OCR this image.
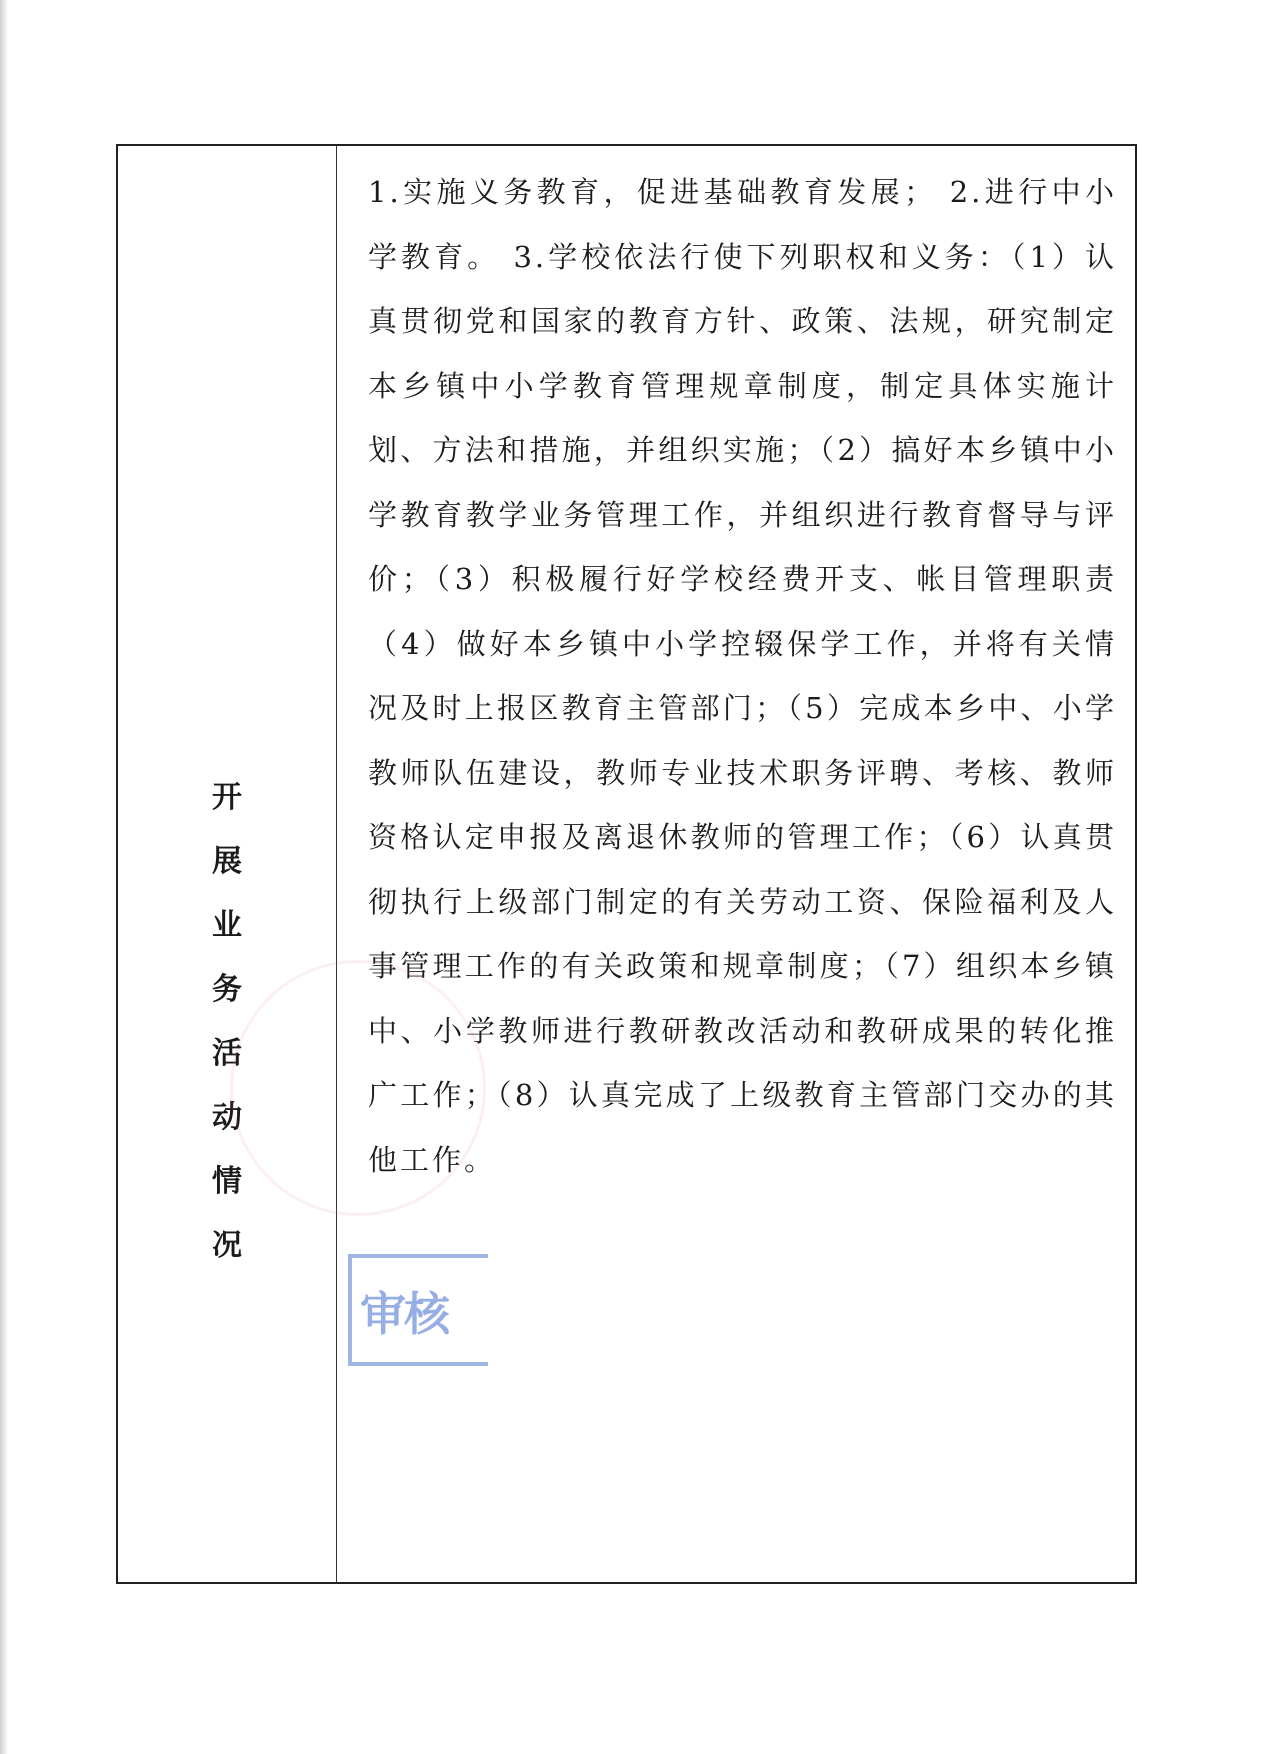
开
展
业
务
活
动
情
况

1.实施义务教育，促进基础教育发展； 2.进行中小学教育。 3.学校依法行使下列职权和义务：（1）认真贯彻党和国家的教育方针、政策、法规，研究制定本乡镇中小学教育管理规章制度，制定具体实施计划、方法和措施，并组织实施；（2）搞好本乡镇中小学教育教学业务管理工作，并组织进行教育督导与评价；（3）积极履行好学校经费开支、帐目管理职责（4）做好本乡镇中小学控辍保学工作，并将有关情况及时上报区教育主管部门；（5）完成本乡中、小学教师队伍建设，教师专业技术职务评聘、考核、教师资格认定申报及离退休教师的管理工作；（6）认真贯彻执行上级部门制定的有关劳动工资、保险福利及人事管理工作的有关政策和规章制度；（7）组织本乡镇中、小学教师进行教研教改活动和教研成果的转化推广工作；（8）认真完成了上级教育主管部门交办的其他工作。

审核
